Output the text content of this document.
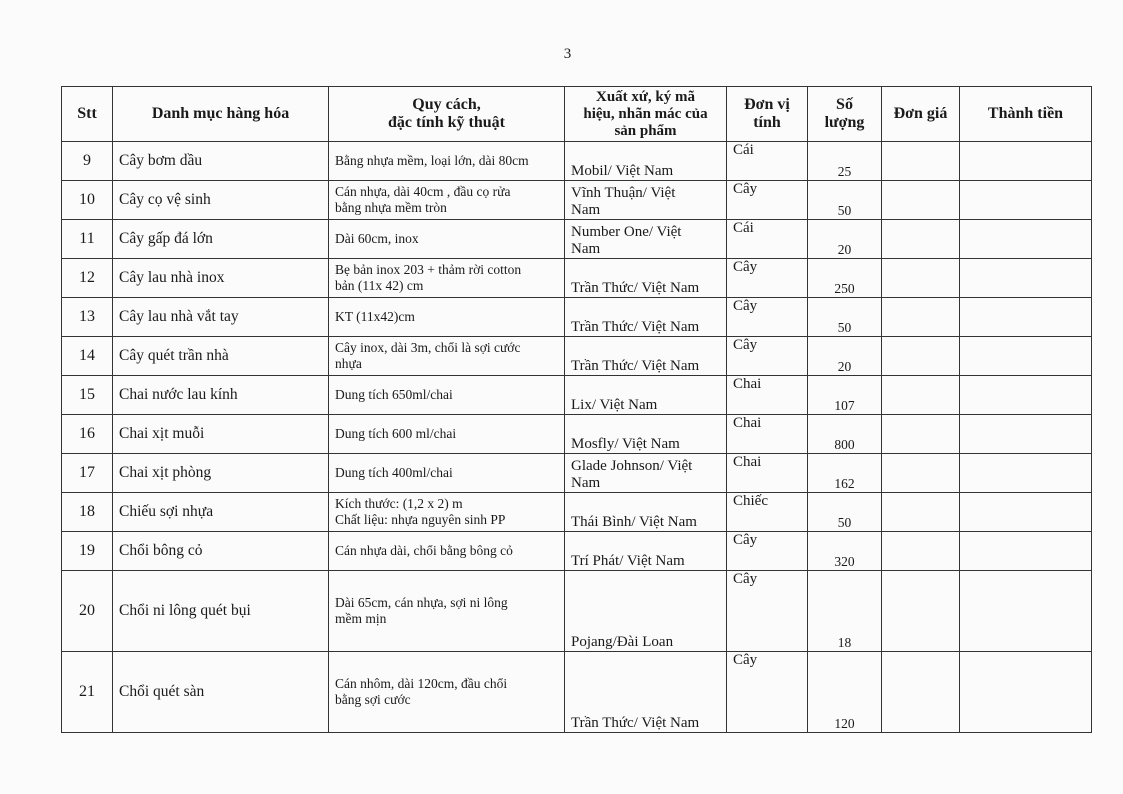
3
Stt	Danh mục hàng hóa	Quy cách,
đặc tính kỹ thuật	Xuất xứ, ký mã
hiệu, nhãn mác của
sản phẩm	Đơn vị
tính	Số
lượng	Đơn giá	Thành tiền
9	Cây bơm dầu	Bằng nhựa mềm, loại lớn, dài 80cm	Mobil/ Việt Nam	Cái	25		
10	Cây cọ vệ sinh	Cán nhựa, dài 40cm , đầu cọ rửa
bằng nhựa mềm tròn	Vĩnh Thuận/ Việt
Nam	Cây	50		
11	Cây gấp đá lớn	Dài 60cm, inox	Number One/ Việt
Nam	Cái	20		
12	Cây lau nhà inox	Bẹ bản inox 203 + thảm rời cotton
bản (11x 42) cm	Trần Thức/ Việt Nam	Cây	250		
13	Cây lau nhà vắt tay	KT (11x42)cm	Trần Thức/ Việt Nam	Cây	50		
14	Cây quét trần nhà	Cây inox, dài 3m, chổi là sợi cước
nhựa	Trần Thức/ Việt Nam	Cây	20		
15	Chai nước lau kính	Dung tích 650ml/chai	Lix/ Việt Nam	Chai	107		
16	Chai xịt muỗi	Dung tích 600 ml/chai	Mosfly/ Việt Nam	Chai	800		
17	Chai xịt phòng	Dung tích 400ml/chai	Glade Johnson/ Việt
Nam	Chai	162		
18	Chiếu sợi nhựa	Kích thước: (1,2 x 2) m
Chất liệu: nhựa nguyên sinh PP	Thái Bình/ Việt Nam	Chiếc	50		
19	Chổi bông cỏ	Cán nhựa dài, chổi bằng bông cỏ	Trí Phát/ Việt Nam	Cây	320		
20	Chổi ni lông quét bụi	Dài 65cm, cán nhựa, sợi ni lông
mềm mịn	Pojang/Đài Loan	Cây	18		
21	Chổi quét sàn	Cán nhôm, dài 120cm, đầu chổi
bằng sợi cước	Trần Thức/ Việt Nam	Cây	120		
